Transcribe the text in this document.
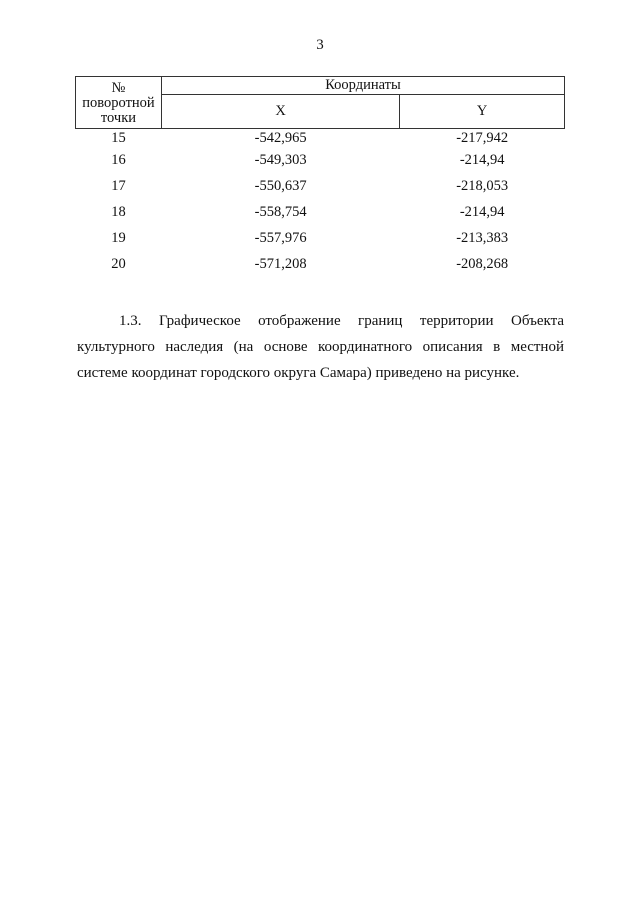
3
№ поворотной точки	Координаты	
	X	Y
15	-542,965	-217,942
16	-549,303	-214,94
17	-550,637	-218,053
18	-558,754	-214,94
19	-557,976	-213,383
20	-571,208	-208,268

1.3. Графическое отображение границ территории Объекта культурного наследия (на основе координатного описания в местной системе координат городского округа Самара) приведено на рисунке.
